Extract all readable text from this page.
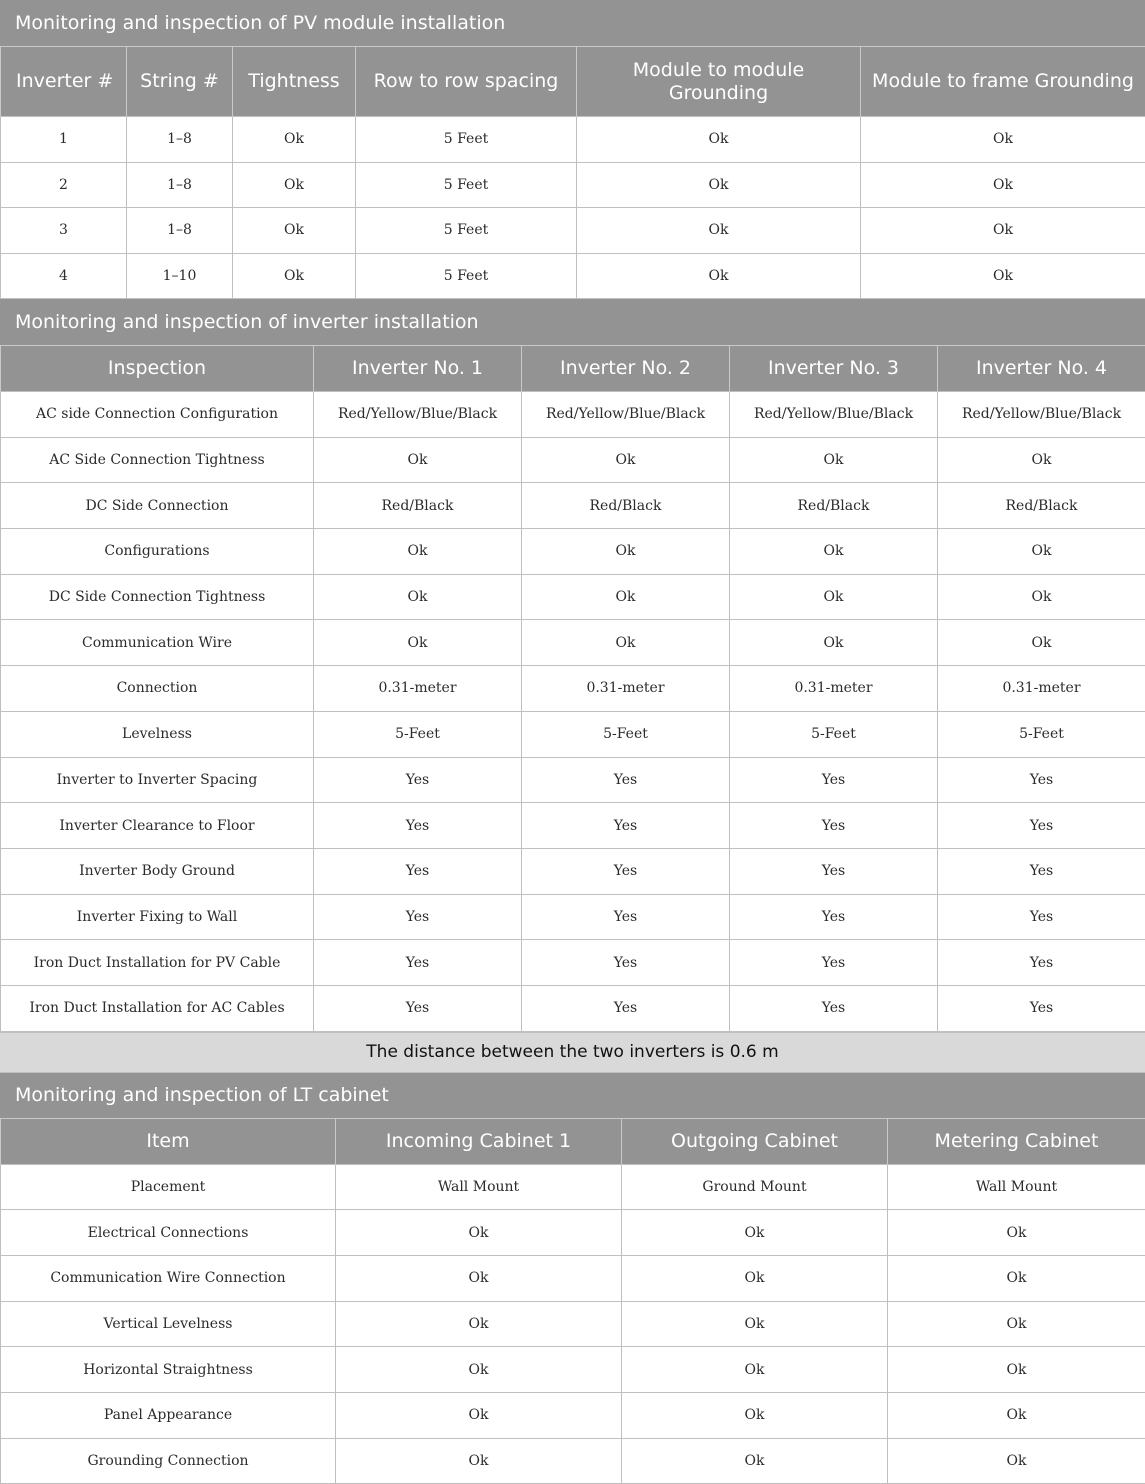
Monitoring and inspection of PV module installation
Inverter #	String #	Tightness	Row to row spacing	Module to module Grounding	Module to frame Grounding
1	1–8	Ok	5 Feet	Ok	Ok
2	1–8	Ok	5 Feet	Ok	Ok
3	1–8	Ok	5 Feet	Ok	Ok
4	1–10	Ok	5 Feet	Ok	Ok
Monitoring and inspection of inverter installation
Inspection	Inverter No. 1	Inverter No. 2	Inverter No. 3	Inverter No. 4
AC side Connection Configuration	Red/Yellow/Blue/Black	Red/Yellow/Blue/Black	Red/Yellow/Blue/Black	Red/Yellow/Blue/Black
AC Side Connection Tightness	Ok	Ok	Ok	Ok
DC Side Connection	Red/Black	Red/Black	Red/Black	Red/Black
Configurations	Ok	Ok	Ok	Ok
DC Side Connection Tightness	Ok	Ok	Ok	Ok
Communication Wire	Ok	Ok	Ok	Ok
Connection	0.31-meter	0.31-meter	0.31-meter	0.31-meter
Levelness	5-Feet	5-Feet	5-Feet	5-Feet
Inverter to Inverter Spacing	Yes	Yes	Yes	Yes
Inverter Clearance to Floor	Yes	Yes	Yes	Yes
Inverter Body Ground	Yes	Yes	Yes	Yes
Inverter Fixing to Wall	Yes	Yes	Yes	Yes
Iron Duct Installation for PV Cable	Yes	Yes	Yes	Yes
Iron Duct Installation for AC Cables	Yes	Yes	Yes	Yes
The distance between the two inverters is 0.6 m
Monitoring and inspection of LT cabinet
Item	Incoming Cabinet 1	Outgoing Cabinet	Metering Cabinet
Placement	Wall Mount	Ground Mount	Wall Mount
Electrical Connections	Ok	Ok	Ok
Communication Wire Connection	Ok	Ok	Ok
Vertical Levelness	Ok	Ok	Ok
Horizontal Straightness	Ok	Ok	Ok
Panel Appearance	Ok	Ok	Ok
Grounding Connection	Ok	Ok	Ok
